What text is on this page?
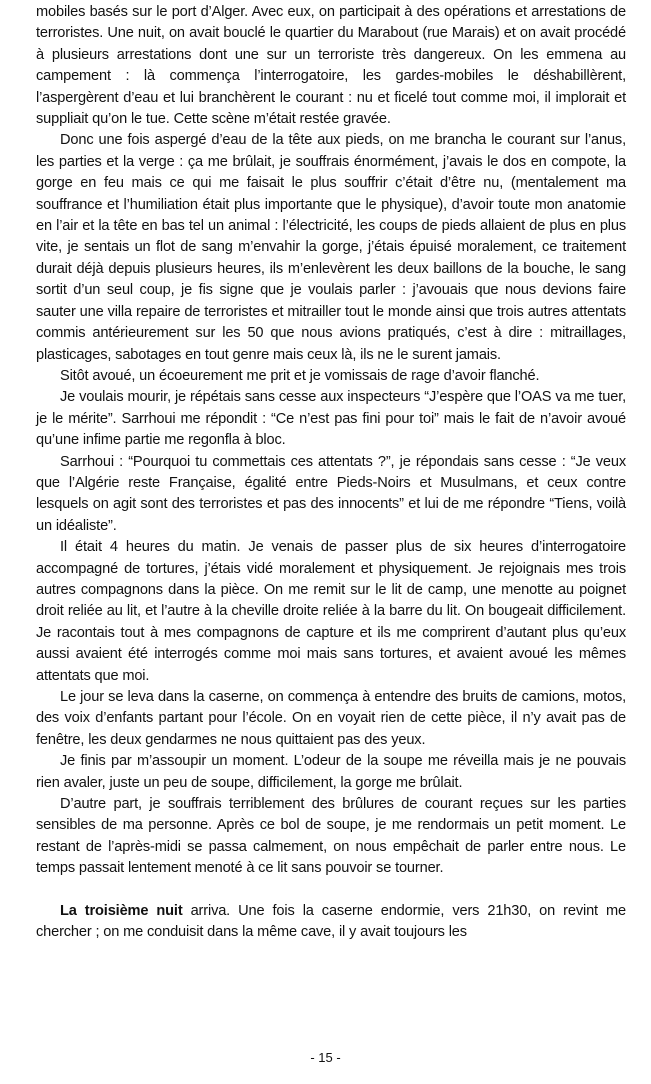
mobiles basés sur le port d’Alger. Avec eux, on participait à des opérations et arrestations de terroristes. Une nuit, on avait bouclé le quartier du Marabout (rue Marais) et on avait procédé à plusieurs arrestations dont une sur un terroriste très dangereux. On les emmena au campement : là commença l’interrogatoire, les gardes-mobiles le déshabillèrent, l’aspergèrent d’eau et lui branchèrent le courant : nu et ficelé tout comme moi, il implorait et suppliait qu’on le tue. Cette scène m’était restée gravée.

Donc une fois aspergé d’eau de la tête aux pieds, on me brancha le courant sur l’anus, les parties et la verge : ça me brûlait, je souffrais énormément, j’avais le dos en compote, la gorge en feu mais ce qui me faisait le plus souffrir c’était d’être nu, (mentalement ma souffrance et l’humiliation était plus importante que le physique), d’avoir toute mon anatomie en l’air et la tête en bas tel un animal : l’électricité, les coups de pieds allaient de plus en plus vite, je sentais un flot de sang m’envahir la gorge, j’étais épuisé moralement, ce traitement durait déjà depuis plusieurs heures, ils m’enlevèrent les deux baillons de la bouche, le sang sortit d’un seul coup, je fis signe que je voulais parler : j’avouais que nous devions faire sauter une villa repaire de terroristes et mitrailler tout le monde ainsi que trois autres attentats commis antérieurement sur les 50 que nous avions pratiqués, c’est à dire : mitraillages, plasticages, sabotages en tout genre mais ceux là, ils ne le surent jamais.

Sitôt avoué, un écoeurement me prit et je vomissais de rage d’avoir flanché.

Je voulais mourir, je répétais sans cesse aux inspecteurs “J’espère que l’OAS va me tuer, je le mérite”. Sarrhoui me répondit : “Ce n’est pas fini pour toi” mais le fait de n’avoir avoué qu’une infime partie me regonfla à bloc.

Sarrhoui : “Pourquoi tu commettais ces attentats ?”, je répondais sans cesse : “Je veux que l’Algérie reste Française, égalité entre Pieds-Noirs et Musulmans, et ceux contre lesquels on agit sont des terroristes et pas des innocents” et lui de me répondre “Tiens, voilà un idéaliste”.

Il était 4 heures du matin. Je venais de passer plus de six heures d’interrogatoire accompagné de tortures, j’étais vidé moralement et physiquement. Je rejoignais mes trois autres compagnons dans la pièce. On me remit sur le lit de camp, une menotte au poignet droit reliée au lit, et l’autre à la cheville droite reliée à la barre du lit. On bougeait difficilement. Je racontais tout à mes compagnons de capture et ils me comprirent d’autant plus qu’eux aussi avaient été interrogés comme moi mais sans tortures, et avaient avoué les mêmes attentats que moi.

Le jour se leva dans la caserne, on commença à entendre des bruits de camions, motos, des voix d’enfants partant pour l’école. On en voyait rien de cette pièce, il n’y avait pas de fenêtre, les deux gendarmes ne nous quittaient pas des yeux.

Je finis par m’assoupir un moment. L’odeur de la soupe me réveilla mais je ne pouvais rien avaler, juste un peu de soupe, difficilement, la gorge me brûlait.

D’autre part, je souffrais terriblement des brûlures de courant reçues sur les parties sensibles de ma personne. Après ce bol de soupe, je me rendormais un petit moment. Le restant de l’après-midi se passa calmement, on nous empêchait de parler entre nous. Le temps passait lentement menoté à ce lit sans pouvoir se tourner.

La troisième nuit arriva. Une fois la caserne endormie, vers 21h30, on revint me chercher ; on me conduisit dans la même cave, il y avait toujours les

- 15 -
